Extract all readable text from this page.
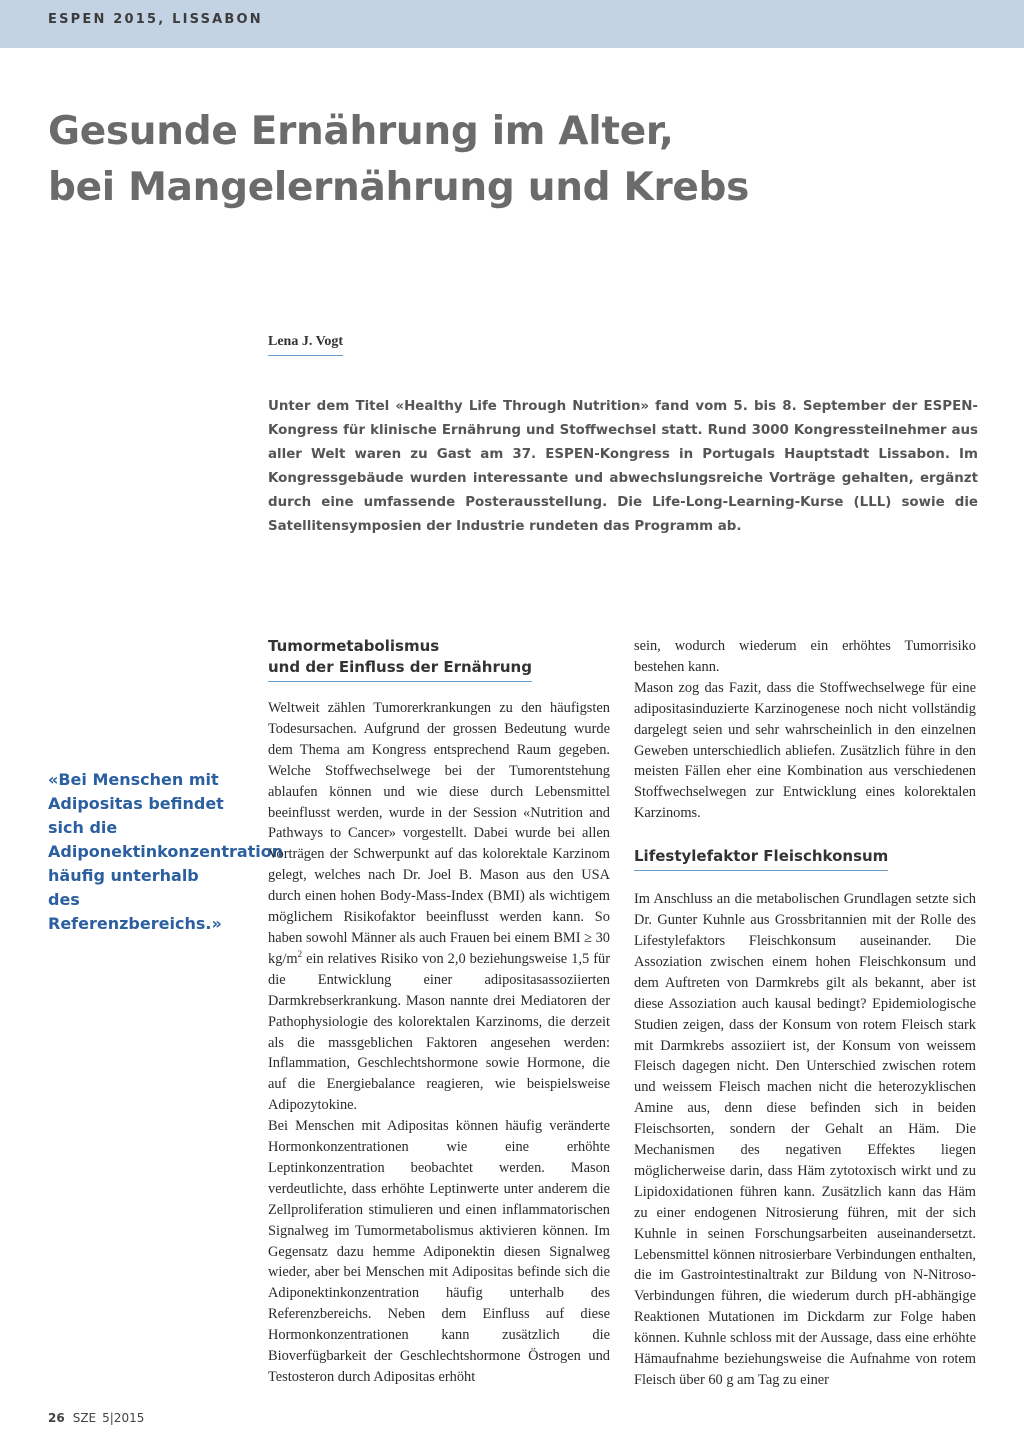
ESPEN 2015, LISSABON
Gesunde Ernährung im Alter,
bei Mangelernährung und Krebs
Lena J. Vogt

Unter dem Titel «Healthy Life Through Nutrition» fand vom 5. bis 8. September der ESPEN-Kongress für klinische Ernährung und Stoffwechsel statt. Rund 3000 Kongressteilnehmer aus aller Welt waren zu Gast am 37. ESPEN-Kongress in Portugals Hauptstadt Lissabon. Im Kongressgebäude wurden interessante und abwechslungsreiche Vorträge gehalten, ergänzt durch eine umfassende Posterausstellung. Die Life-Long-Learning-Kurse (LLL) sowie die Satellitensymposien der Industrie rundeten das Programm ab.

«Bei Menschen mit Adipositas befindet sich die Adiponektinkonzentration häufig unterhalb des Referenzbereichs.»
Tumormetabolismus
und der Einfluss der Ernährung

Weltweit zählen Tumorerkrankungen zu den häufigsten Todesursachen. Aufgrund der grossen Bedeutung wurde dem Thema am Kongress entsprechend Raum gegeben. Welche Stoffwechselwege bei der Tumorentstehung ablaufen können und wie diese durch Lebensmittel beeinflusst werden, wurde in der Session «Nutrition and Pathways to Cancer» vorgestellt. Dabei wurde bei allen Vorträgen der Schwerpunkt auf das kolorektale Karzinom gelegt, welches nach Dr. Joel B. Mason aus den USA durch einen hohen Body-Mass-Index (BMI) als wichtigem möglichem Risikofaktor beeinflusst werden kann. So haben sowohl Männer als auch Frauen bei einem BMI ≥ 30 $kg/m^2$ ein relatives Risiko von 2,0 beziehungsweise 1,5 für die Entwicklung einer adipositasassoziierten Darmkrebserkrankung. Mason nannte drei Mediatoren der Pathophysiologie des kolorektalen Karzinoms, die derzeit als die massgeblichen Faktoren angesehen werden: Inflammation, Geschlechtshormone sowie Hormone, die auf die Energiebalance reagieren, wie beispielsweise Adipozytokine.

Bei Menschen mit Adipositas können häufig veränderte Hormonkonzentrationen wie eine erhöhte Leptinkonzentration beobachtet werden. Mason verdeutlichte, dass erhöhte Leptinwerte unter anderem die Zellproliferation stimulieren und einen inflammatorischen Signalweg im Tumormetabolismus aktivieren können. Im Gegensatz dazu hemme Adiponektin diesen Signalweg wieder, aber bei Menschen mit Adipositas befinde sich die Adiponektinkonzentration häufig unterhalb des Referenzbereichs. Neben dem Einfluss auf diese Hormonkonzentrationen kann zusätzlich die Bioverfügbarkeit der Geschlechtshormone Östrogen und Testosteron durch Adipositas erhöht

sein, wodurch wiederum ein erhöhtes Tumorrisiko bestehen kann.

Mason zog das Fazit, dass die Stoffwechselwege für eine adipositasinduzierte Karzinogenese noch nicht vollständig dargelegt seien und sehr wahrscheinlich in den einzelnen Geweben unterschiedlich abliefen. Zusätzlich führe in den meisten Fällen eher eine Kombination aus verschiedenen Stoffwechselwegen zur Entwicklung eines kolorektalen Karzinoms.

Lifestylefaktor Fleischkonsum

Im Anschluss an die metabolischen Grundlagen setzte sich Dr. Gunter Kuhnle aus Grossbritannien mit der Rolle des Lifestylefaktors Fleischkonsum auseinander. Die Assoziation zwischen einem hohen Fleischkonsum und dem Auftreten von Darmkrebs gilt als bekannt, aber ist diese Assoziation auch kausal bedingt? Epidemiologische Studien zeigen, dass der Konsum von rotem Fleisch stark mit Darmkrebs assoziiert ist, der Konsum von weissem Fleisch dagegen nicht. Den Unterschied zwischen rotem und weissem Fleisch machen nicht die heterozyklischen Amine aus, denn diese befinden sich in beiden Fleischsorten, sondern der Gehalt an Häm. Die Mechanismen des negativen Effektes liegen möglicherweise darin, dass Häm zytotoxisch wirkt und zu Lipidoxidationen führen kann. Zusätzlich kann das Häm zu einer endogenen Nitrosierung führen, mit der sich Kuhnle in seinen Forschungsarbeiten auseinandersetzt. Lebensmittel können nitrosierbare Verbindungen enthalten, die im Gastrointestinaltrakt zur Bildung von N-Nitroso-Verbindungen führen, die wiederum durch pH-abhängige Reaktionen Mutationen im Dickdarm zur Folge haben können. Kuhnle schloss mit der Aussage, dass eine erhöhte Hämaufnahme beziehungsweise die Aufnahme von rotem Fleisch über 60 g am Tag zu einer

26 SZE 5|2015
